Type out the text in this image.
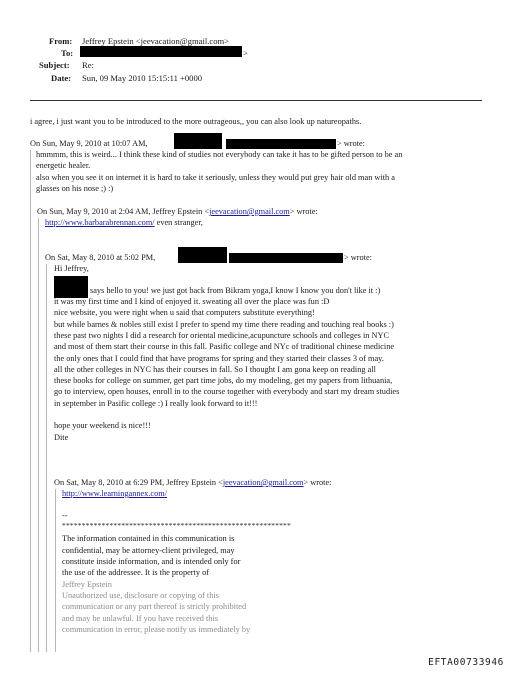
From: Jeffrey Epstein <jeevacation@gmail.com>
To:	>
Subject: Re:
Date: Sun, 09 May 2010 15:15:11 +0000
i agree, i just want you to be introduced to the more outrageous,, you can also look up natureopaths.
On Sun, May 9, 2010 at 10:07 AM,	> wrote:
hmmmm, this is weird... I think these kind of studies not everybody can take it has to be gifted person to be an
energetic healer.
also when you see it on internet it is hard to take it seriously, unless they would put grey hair old man with a
glasses on his nose ;) :)
On Sun, May 9, 2010 at 2:04 AM, Jeffrey Epstein <jeevacation@gmail.com> wrote:
http://www.barbarabrennan.com/ even stranger,
On Sat, May 8, 2010 at 5:02 PM,	> wrote:
Hi Jeffrey,
says hello to you! we just got back from Bikram yoga,I know I know you don't like it :)
it was my first time and I kind of enjoyed it. sweating all over the place was fun :D
nice website, you were right when u said that computers substitute everything!
but while barnes & nobles still exist I prefer to spend my time there reading and touching real books :)
these past two nights I did a research for oriental medicine,acupuncture schools and colleges in NYC
and most of them start their course in this fall. Pasific college and NYc of traditional chinese medicine
the only ones that I could find that have programs for spring and they started their classes 3 of may.
all the other colleges in NYC has their courses in fall. So I thought I am gona keep on reading all
these books for college on summer, get part time jobs, do my modeling, get my papers from lithuania,
go to interview, open houses, enroll in to the course together with everybody and start my dream studies
in september in Pasific college :) I really look forward to it!!!
hope your weekend is nice!!!
Dite
On Sat, May 8, 2010 at 6:29 PM, Jeffrey Epstein <jeevacation@gmail.com> wrote:
http://www.learningannex.com/
--
**********************************************************
The information contained in this communication is
confidential, may be attorney-client privileged, may
constitute inside information, and is intended only for
the use of the addressee. It is the property of
Jeffrey Epstein
Unauthorized use, disclosure or copying of this
communication or any part thereof is strictly prohibited
and may be unlawful. If you have received this
communication in error, please notify us immediately by
EFTA00733946
